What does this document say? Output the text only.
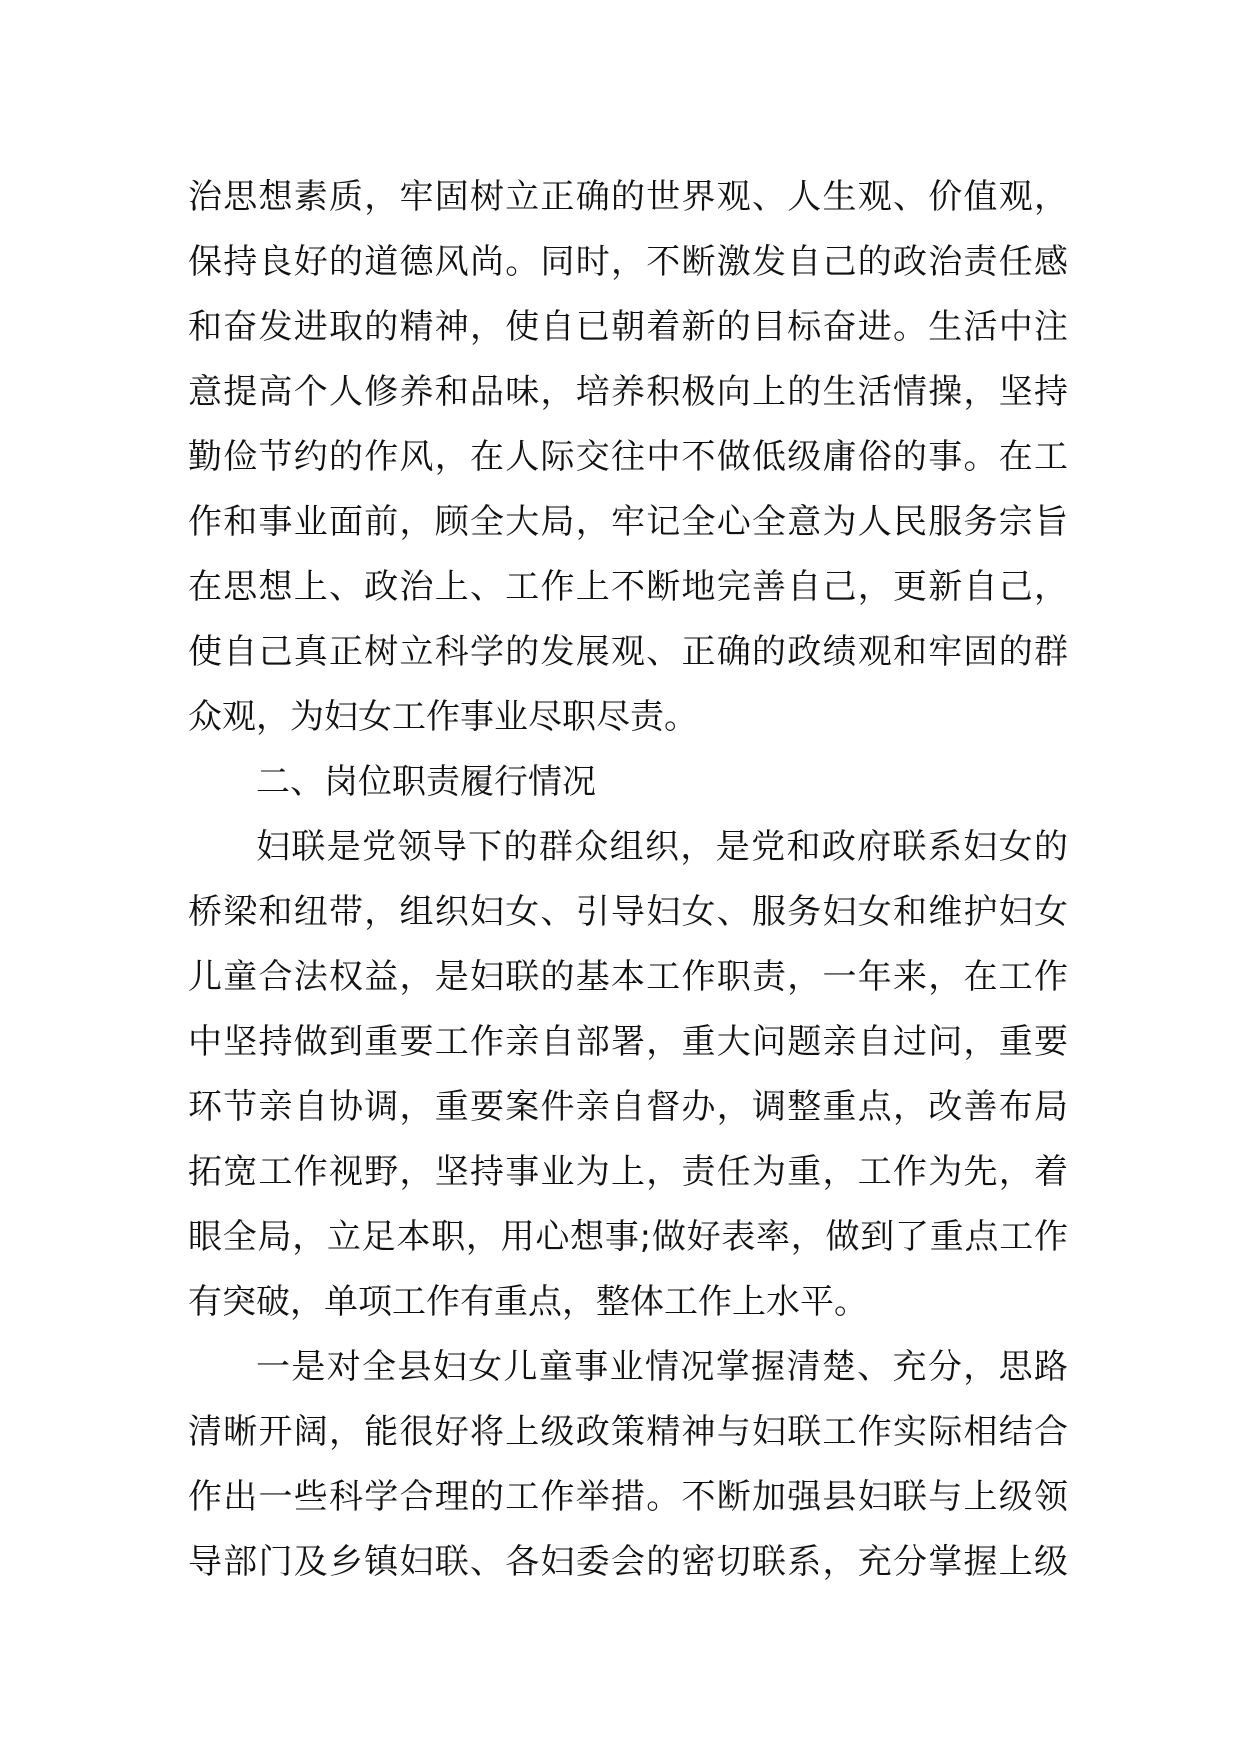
治思想素质，牢固树立正确的世界观、人生观、价值观，
保持良好的道德风尚。同时，不断激发自己的政治责任感
和奋发进取的精神，使自已朝着新的目标奋进。生活中注
意提高个人修养和品味，培养积极向上的生活情操，坚持
勤俭节约的作风，在人际交往中不做低级庸俗的事。在工
作和事业面前，顾全大局，牢记全心全意为人民服务宗旨
在思想上、政治上、工作上不断地完善自己，更新自己，
使自己真正树立科学的发展观、正确的政绩观和牢固的群
众观，为妇女工作事业尽职尽责。
二、岗位职责履行情况
妇联是党领导下的群众组织，是党和政府联系妇女的
桥梁和纽带，组织妇女、引导妇女、服务妇女和维护妇女
儿童合法权益，是妇联的基本工作职责，一年来，在工作
中坚持做到重要工作亲自部署，重大问题亲自过问，重要
环节亲自协调，重要案件亲自督办，调整重点，改善布局
拓宽工作视野，坚持事业为上，责任为重，工作为先，着
眼全局，立足本职，用心想事;做好表率，做到了重点工作
有突破，单项工作有重点，整体工作上水平。
一是对全县妇女儿童事业情况掌握清楚、充分，思路
清晰开阔，能很好将上级政策精神与妇联工作实际相结合
作出一些科学合理的工作举措。不断加强县妇联与上级领
导部门及乡镇妇联、各妇委会的密切联系，充分掌握上级
